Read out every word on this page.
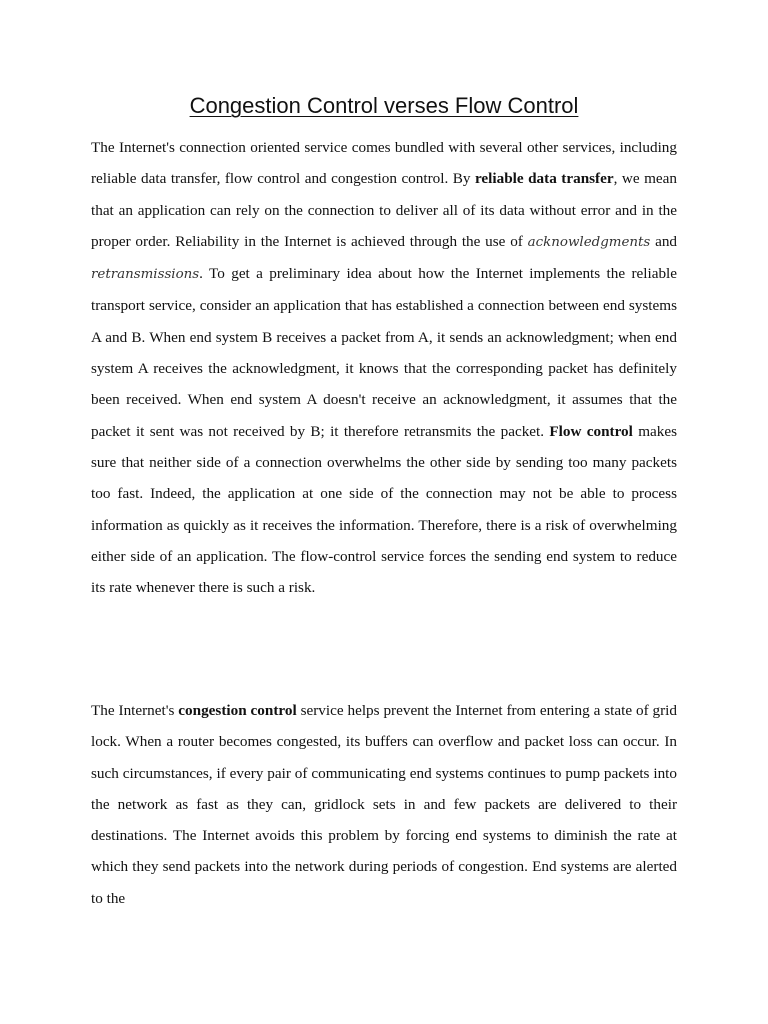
Congestion Control verses Flow Control

The Internet's connection oriented service comes bundled with several other services, including reliable data transfer, flow control and congestion control. By reliable data transfer, we mean that an application can rely on the connection to deliver all of its data without error and in the proper order. Reliability in the Internet is achieved through the use of acknowledgments and retransmissions. To get a preliminary idea about how the Internet implements the reliable transport service, consider an application that has established a connection between end systems A and B. When end system B receives a packet from A, it sends an acknowledgment; when end system A receives the acknowledgment, it knows that the corresponding packet has definitely been received. When end system A doesn't receive an acknowledgment, it assumes that the packet it sent was not received by B; it therefore retransmits the packet. Flow control makes sure that neither side of a connection overwhelms the other side by sending too many packets too fast. Indeed, the application at one side of the connection may not be able to process information as quickly as it receives the information. Therefore, there is a risk of overwhelming either side of an application. The flow-control service forces the sending end system to reduce its rate whenever there is such a risk.

The Internet's congestion control service helps prevent the Internet from entering a state of grid lock. When a router becomes congested, its buffers can overflow and packet loss can occur. In such circumstances, if every pair of communicating end systems continues to pump packets into the network as fast as they can, gridlock sets in and few packets are delivered to their destinations. The Internet avoids this problem by forcing end systems to diminish the rate at which they send packets into the network during periods of congestion. End systems are alerted to the
